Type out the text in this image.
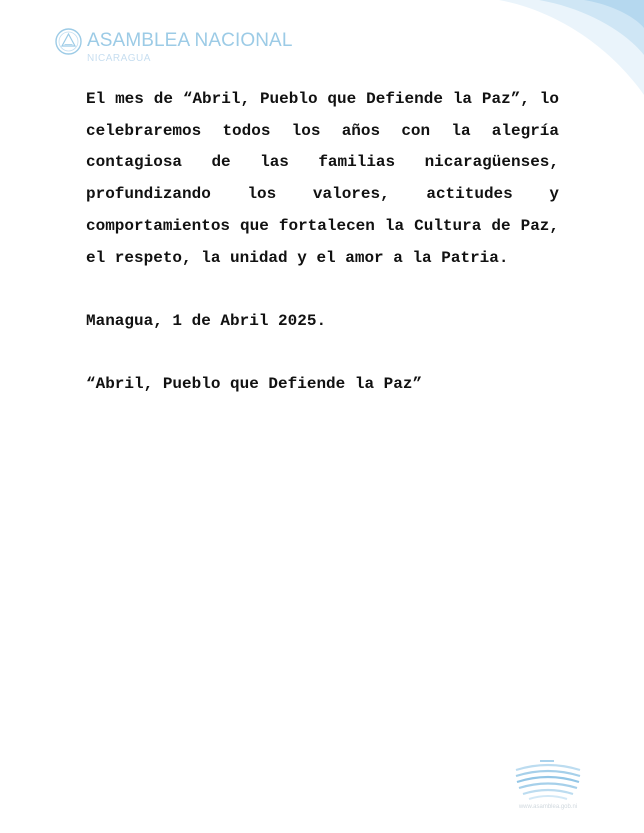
ASAMBLEA NACIONAL
NICARAGUA

El mes de “Abril, Pueblo que Defiende la Paz”, lo celebraremos todos los años con la alegría contagiosa de las familias nicaragüenses, profundizando los valores, actitudes y comportamientos que fortalecen la Cultura de Paz, el respeto, la unidad y el amor a la Patria.

Managua, 1 de Abril 2025.

“Abril, Pueblo que Defiende la Paz”

www.asamblea.gob.ni
